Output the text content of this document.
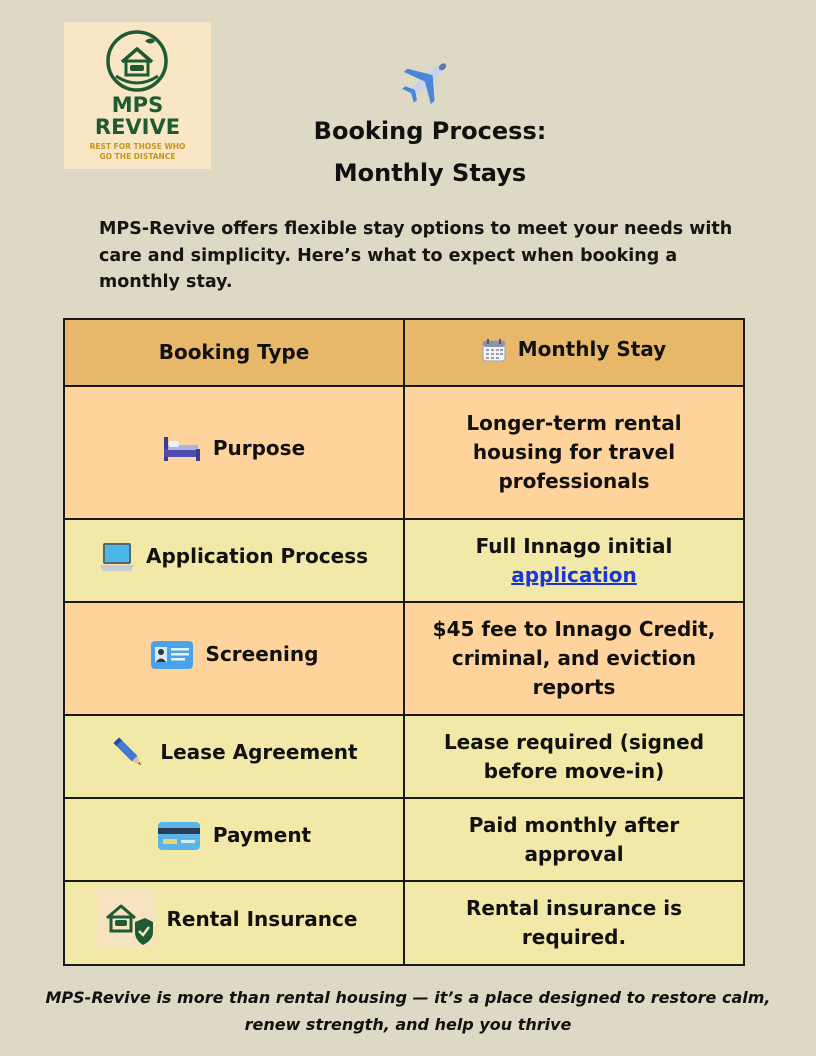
MPS
REVIVE
REST FOR THOSE WHO
GO THE DISTANCE
Booking Process:
Monthly Stays

MPS-Revive offers flexible stay options to meet your needs with care and simplicity. Here’s what to expect when booking a monthly stay.

Booking Type	Monthly Stay

Purpose	Longer-term rental housing for travel professionals

Application Process	Full Innago initial
application

Screening	$45 fee to Innago Credit, criminal, and eviction reports

Lease Agreement	Lease required (signed before move-in)

Payment	Paid monthly after approval

Rental Insurance	Rental insurance is required.

MPS-Revive is more than rental housing — it’s a place designed to restore calm, renew strength, and help you thrive
